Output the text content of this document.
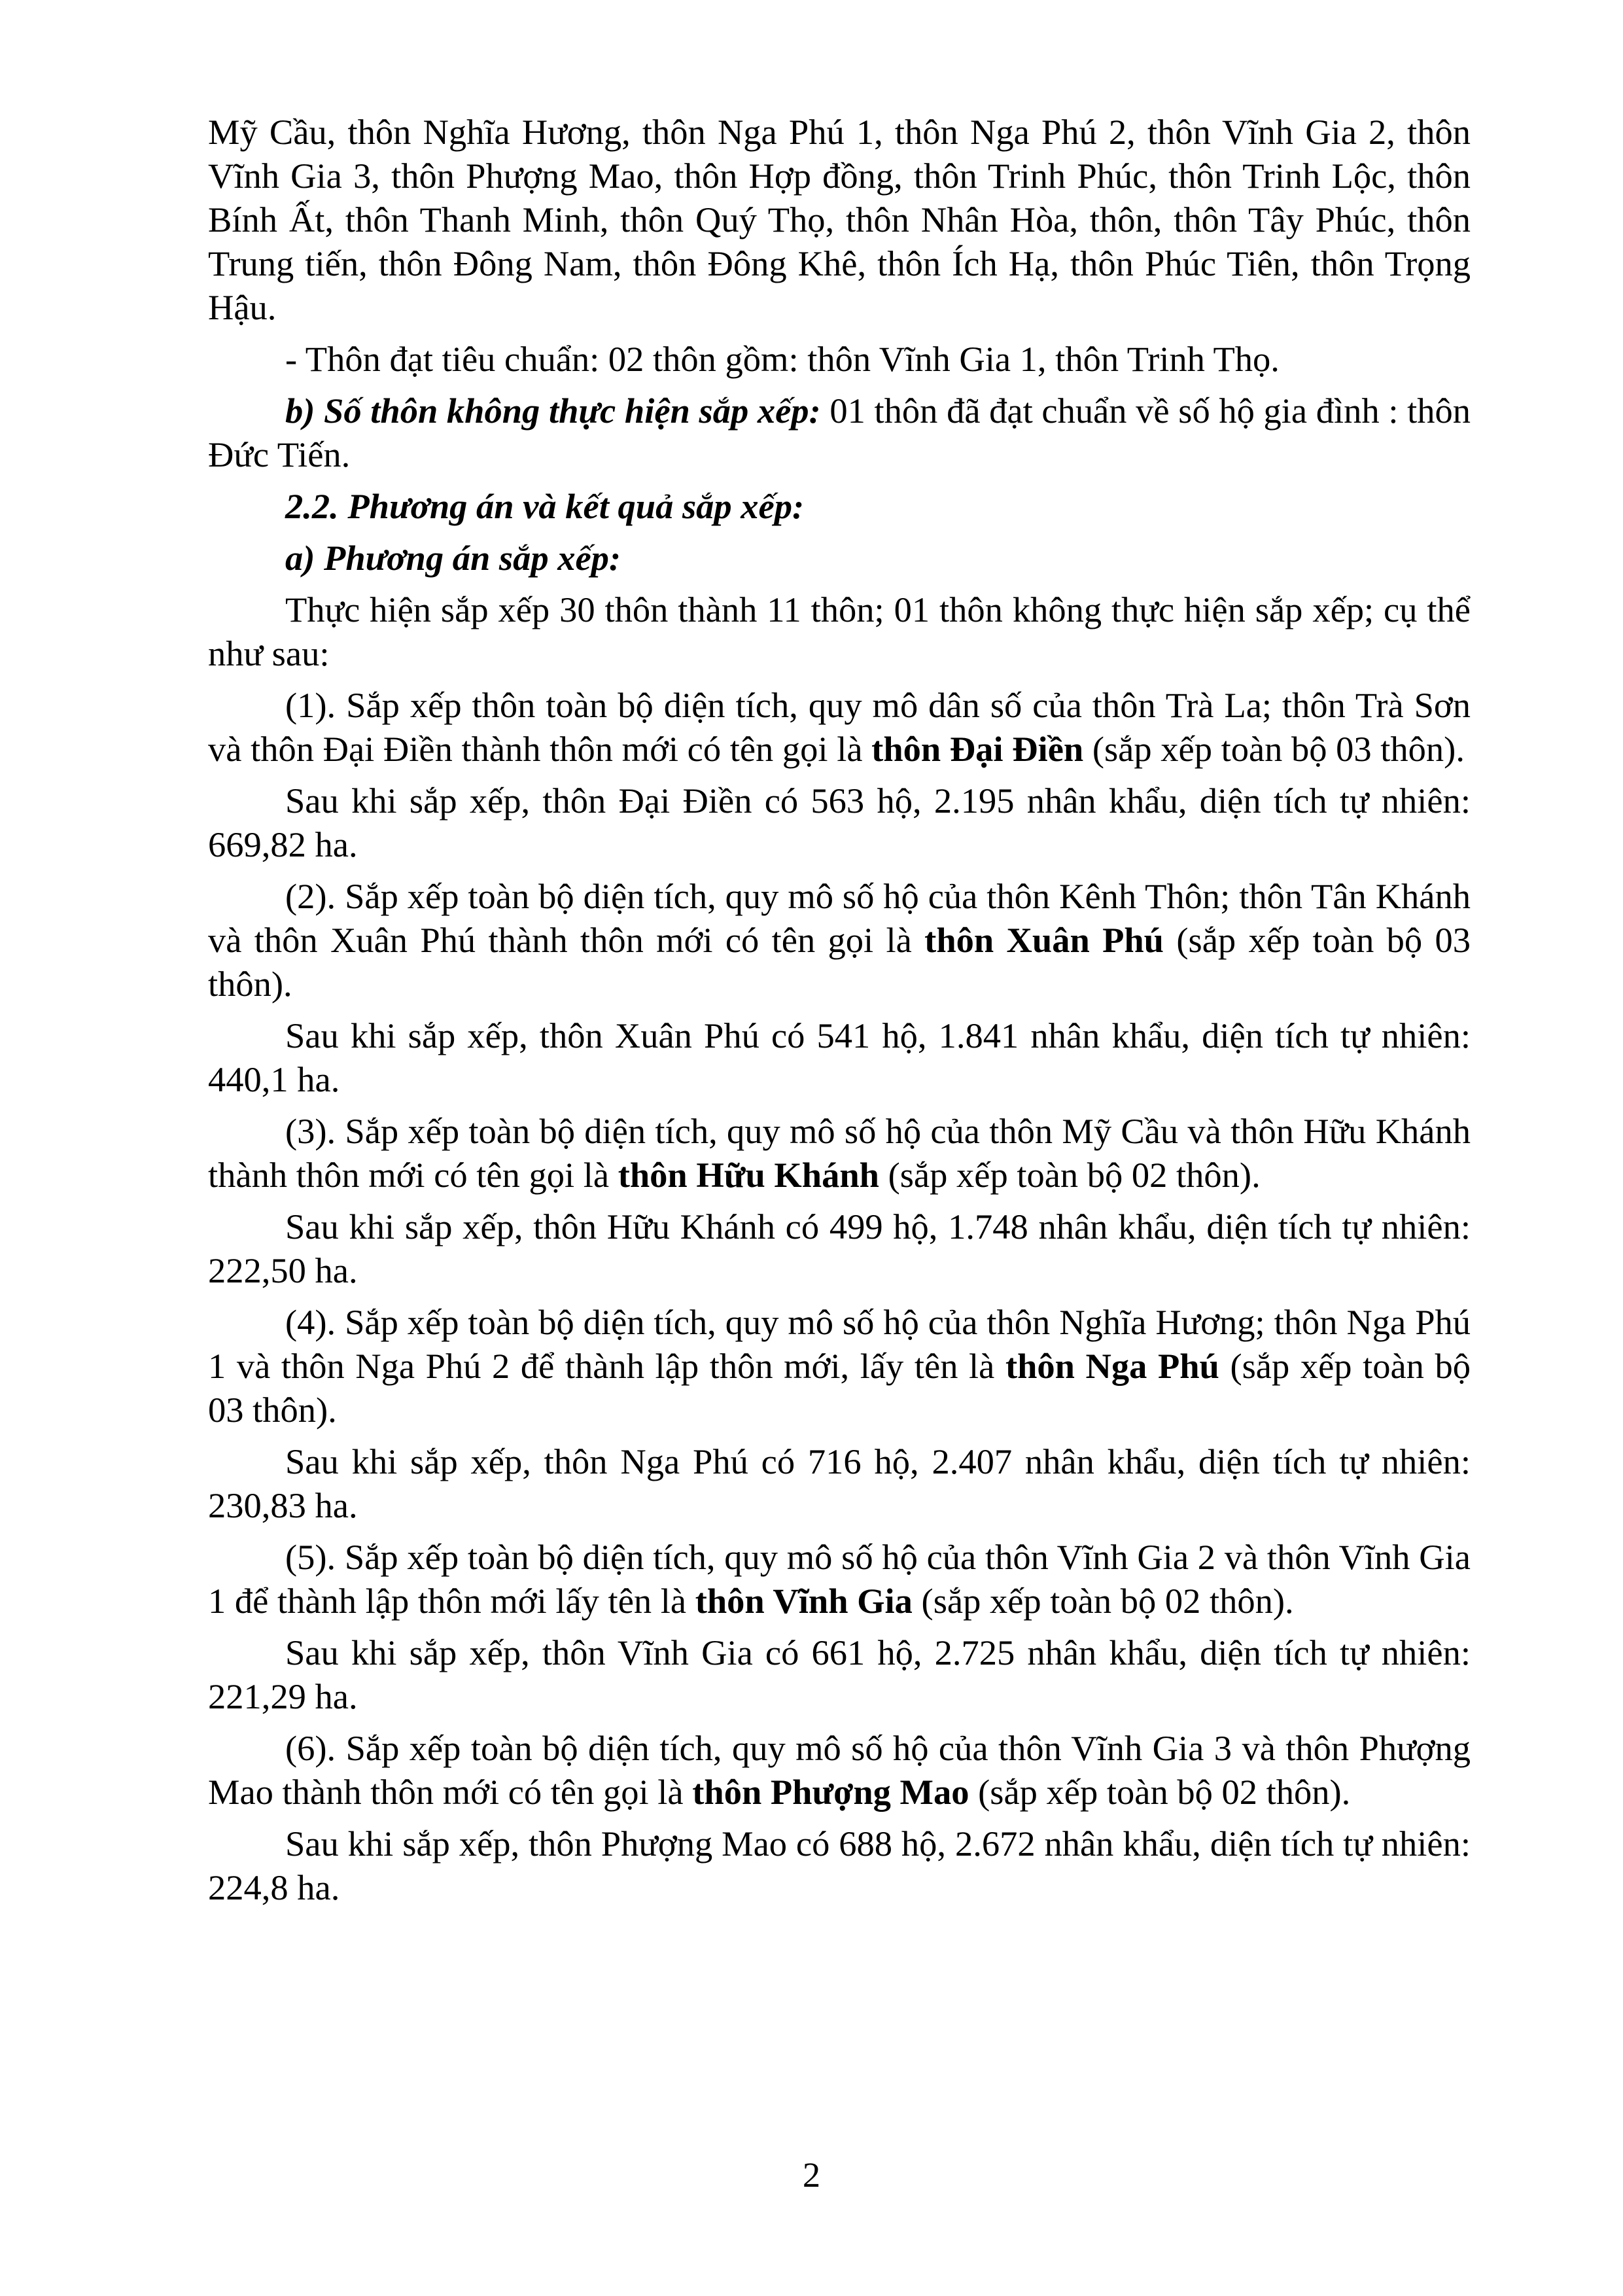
Mỹ Cầu, thôn Nghĩa Hương, thôn Nga Phú 1, thôn Nga Phú 2, thôn Vĩnh Gia 2, thôn Vĩnh Gia 3, thôn Phượng Mao, thôn Hợp đồng, thôn Trinh Phúc, thôn Trinh Lộc, thôn Bính Ất, thôn Thanh Minh, thôn Quý Thọ, thôn Nhân Hòa, thôn, thôn Tây Phúc, thôn Trung tiến, thôn Đông Nam, thôn Đông Khê, thôn Ích Hạ, thôn Phúc Tiên, thôn Trọng Hậu.

- Thôn đạt tiêu chuẩn: 02 thôn gồm: thôn Vĩnh Gia 1, thôn Trinh Thọ.

b) Số thôn không thực hiện sắp xếp: 01 thôn đã đạt chuẩn về số hộ gia đình : thôn Đức Tiến.

2.2. Phương án và kết quả sắp xếp:

a) Phương án sắp xếp:

Thực hiện sắp xếp 30 thôn thành 11 thôn; 01 thôn không thực hiện sắp xếp; cụ thể như sau:

(1). Sắp xếp thôn toàn bộ diện tích, quy mô dân số của thôn Trà La; thôn Trà Sơn và thôn Đại Điền thành thôn mới có tên gọi là thôn Đại Điền (sắp xếp toàn bộ 03 thôn).

Sau khi sắp xếp, thôn Đại Điền có 563 hộ, 2.195 nhân khẩu, diện tích tự nhiên: 669,82 ha.

(2). Sắp xếp toàn bộ diện tích, quy mô số hộ của thôn Kênh Thôn; thôn Tân Khánh và thôn Xuân Phú thành thôn mới có tên gọi là thôn Xuân Phú (sắp xếp toàn bộ 03 thôn).

Sau khi sắp xếp, thôn Xuân Phú có 541 hộ, 1.841 nhân khẩu, diện tích tự nhiên: 440,1 ha.

(3). Sắp xếp toàn bộ diện tích, quy mô số hộ của thôn Mỹ Cầu và thôn Hữu Khánh thành thôn mới có tên gọi là thôn Hữu Khánh (sắp xếp toàn bộ 02 thôn).

Sau khi sắp xếp, thôn Hữu Khánh có 499 hộ, 1.748 nhân khẩu, diện tích tự nhiên: 222,50 ha.

(4). Sắp xếp toàn bộ diện tích, quy mô số hộ của thôn Nghĩa Hương; thôn Nga Phú 1 và thôn Nga Phú 2 để thành lập thôn mới, lấy tên là thôn Nga Phú (sắp xếp toàn bộ 03 thôn).

Sau khi sắp xếp, thôn Nga Phú có 716 hộ, 2.407 nhân khẩu, diện tích tự nhiên: 230,83 ha.

(5). Sắp xếp toàn bộ diện tích, quy mô số hộ của thôn Vĩnh Gia 2 và thôn Vĩnh Gia 1 để thành lập thôn mới lấy tên là thôn Vĩnh Gia (sắp xếp toàn bộ 02 thôn).

Sau khi sắp xếp, thôn Vĩnh Gia có 661 hộ, 2.725 nhân khẩu, diện tích tự nhiên: 221,29 ha.

(6). Sắp xếp toàn bộ diện tích, quy mô số hộ của thôn Vĩnh Gia 3 và thôn Phượng Mao thành thôn mới có tên gọi là thôn Phượng Mao (sắp xếp toàn bộ 02 thôn).

Sau khi sắp xếp, thôn Phượng Mao có 688 hộ, 2.672 nhân khẩu, diện tích tự nhiên: 224,8 ha.

2
